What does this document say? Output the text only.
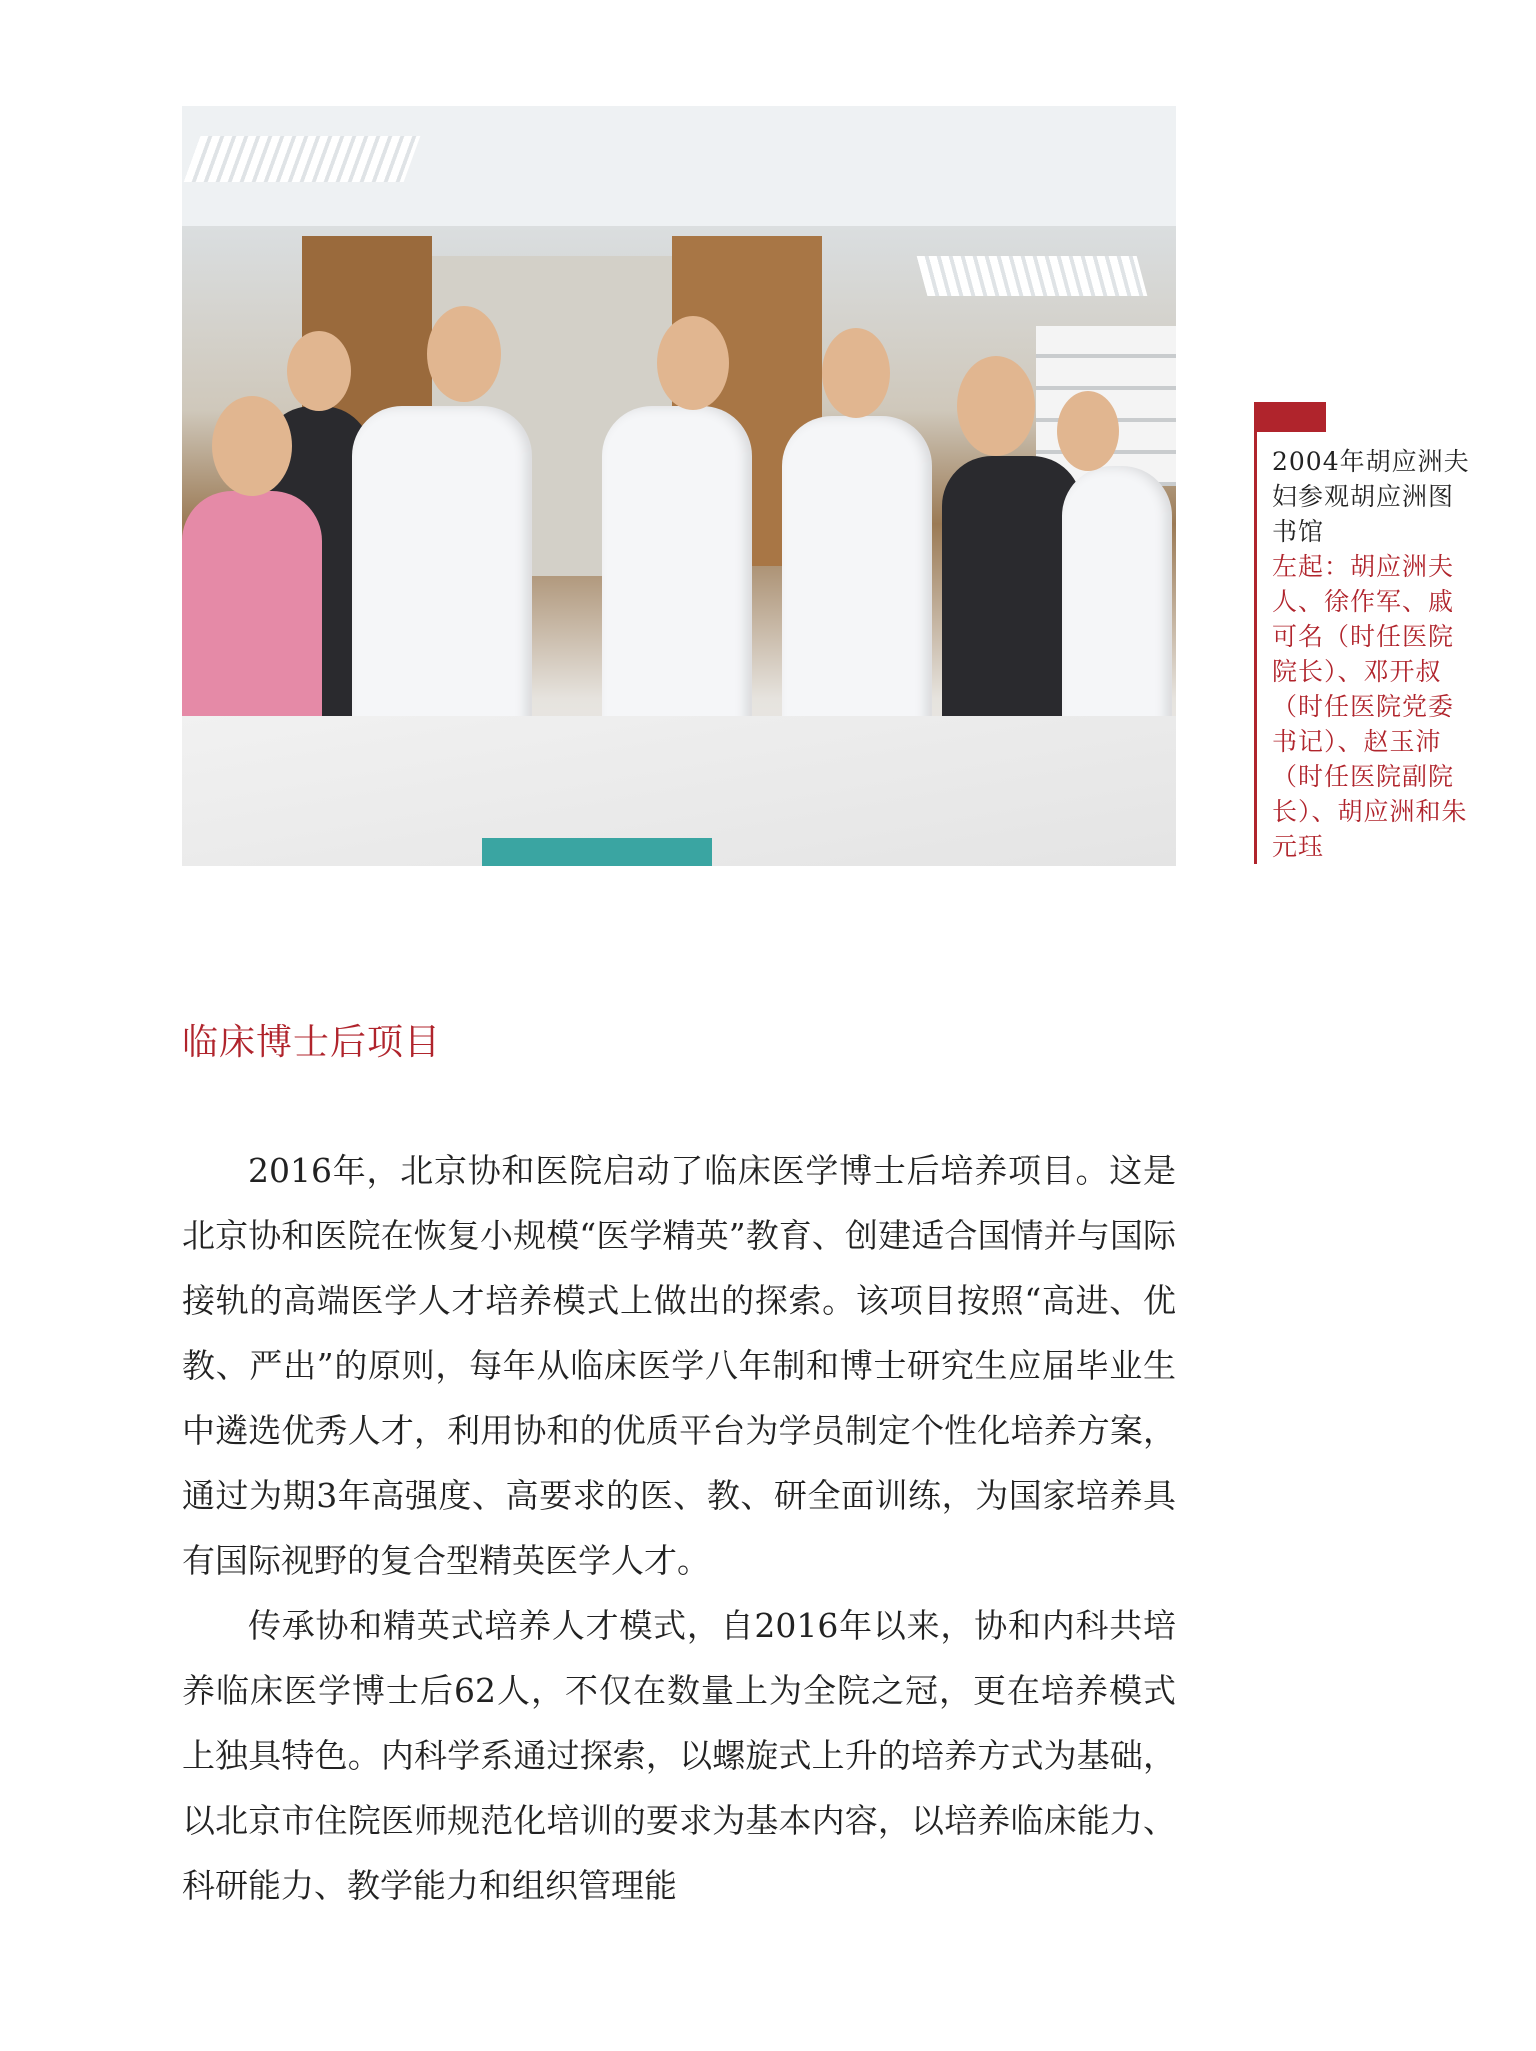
2004年胡应洲夫妇参观胡应洲图书馆
左起：胡应洲夫人、徐作军、戚可名（时任医院院长）、邓开叔（时任医院党委书记）、赵玉沛（时任医院副院长）、胡应洲和朱元珏
临床博士后项目

2016年，北京协和医院启动了临床医学博士后培养项目。这是北京协和医院在恢复小规模“医学精英”教育、创建适合国情并与国际接轨的高端医学人才培养模式上做出的探索。该项目按照“高进、优教、严出”的原则，每年从临床医学八年制和博士研究生应届毕业生中遴选优秀人才，利用协和的优质平台为学员制定个性化培养方案，通过为期3年高强度、高要求的医、教、研全面训练，为国家培养具有国际视野的复合型精英医学人才。

传承协和精英式培养人才模式，自2016年以来，协和内科共培养临床医学博士后62人，不仅在数量上为全院之冠，更在培养模式上独具特色。内科学系通过探索，以螺旋式上升的培养方式为基础，以北京市住院医师规范化培训的要求为基本内容，以培养临床能力、科研能力、教学能力和组织管理能
